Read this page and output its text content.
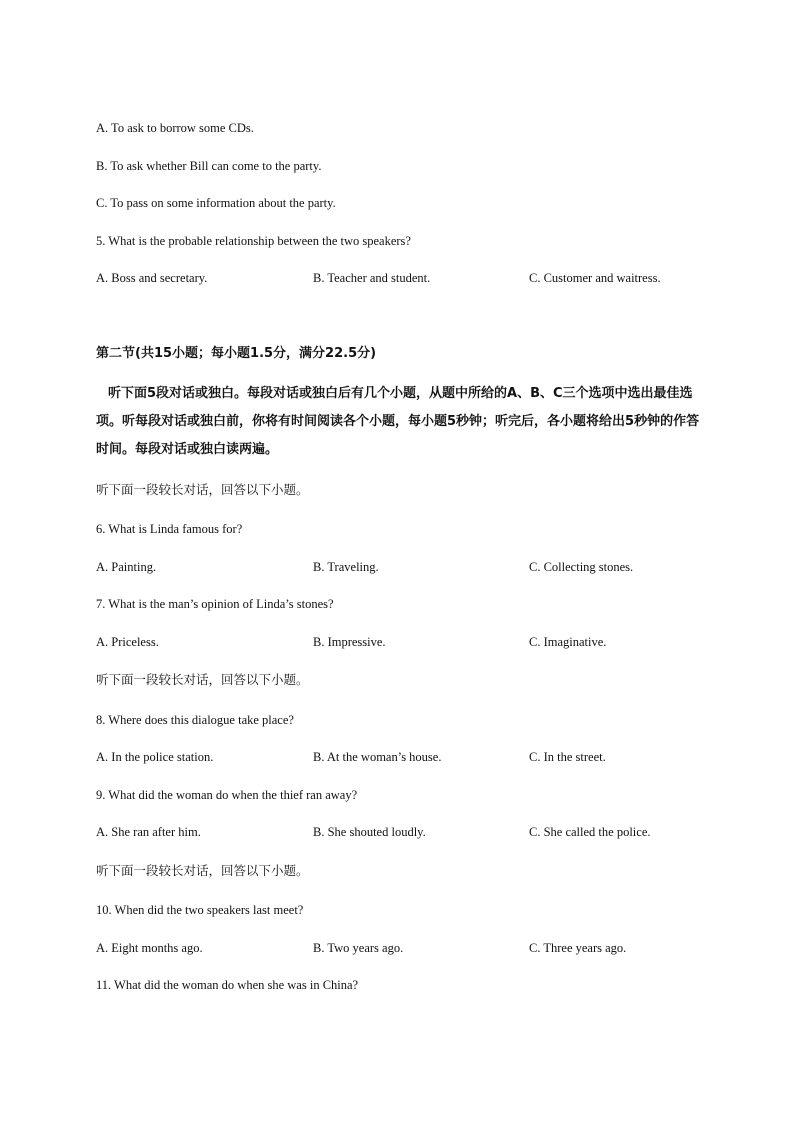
A. To ask to borrow some CDs.
B. To ask whether Bill can come to the party.
C. To pass on some information about the party.
5. What is the probable relationship between the two speakers?
A. Boss and secretary.	B. Teacher and student.	C. Customer and waitress.
第二节(共15小题；每小题1.5分，满分22.5分)
听下面5段对话或独白。每段对话或独白后有几个小题，从题中所给的A、B、C三个选项中选出最佳选项。听每段对话或独白前，你将有时间阅读各个小题，每小题5秒钟；听完后，各小题将给出5秒钟的作答时间。每段对话或独白读两遍。
听下面一段较长对话，回答以下小题。
6. What is Linda famous for?
A. Painting.	B. Traveling.	C. Collecting stones.
7. What is the man’s opinion of Linda’s stones?
A. Priceless.	B. Impressive.	C. Imaginative.
听下面一段较长对话，回答以下小题。
8. Where does this dialogue take place?
A. In the police station.	B. At the woman’s house.	C. In the street.
9. What did the woman do when the thief ran away?
A. She ran after him.	B. She shouted loudly.	C. She called the police.
听下面一段较长对话，回答以下小题。
10. When did the two speakers last meet?
A. Eight months ago.	B. Two years ago.	C. Three years ago.
11. What did the woman do when she was in China?
